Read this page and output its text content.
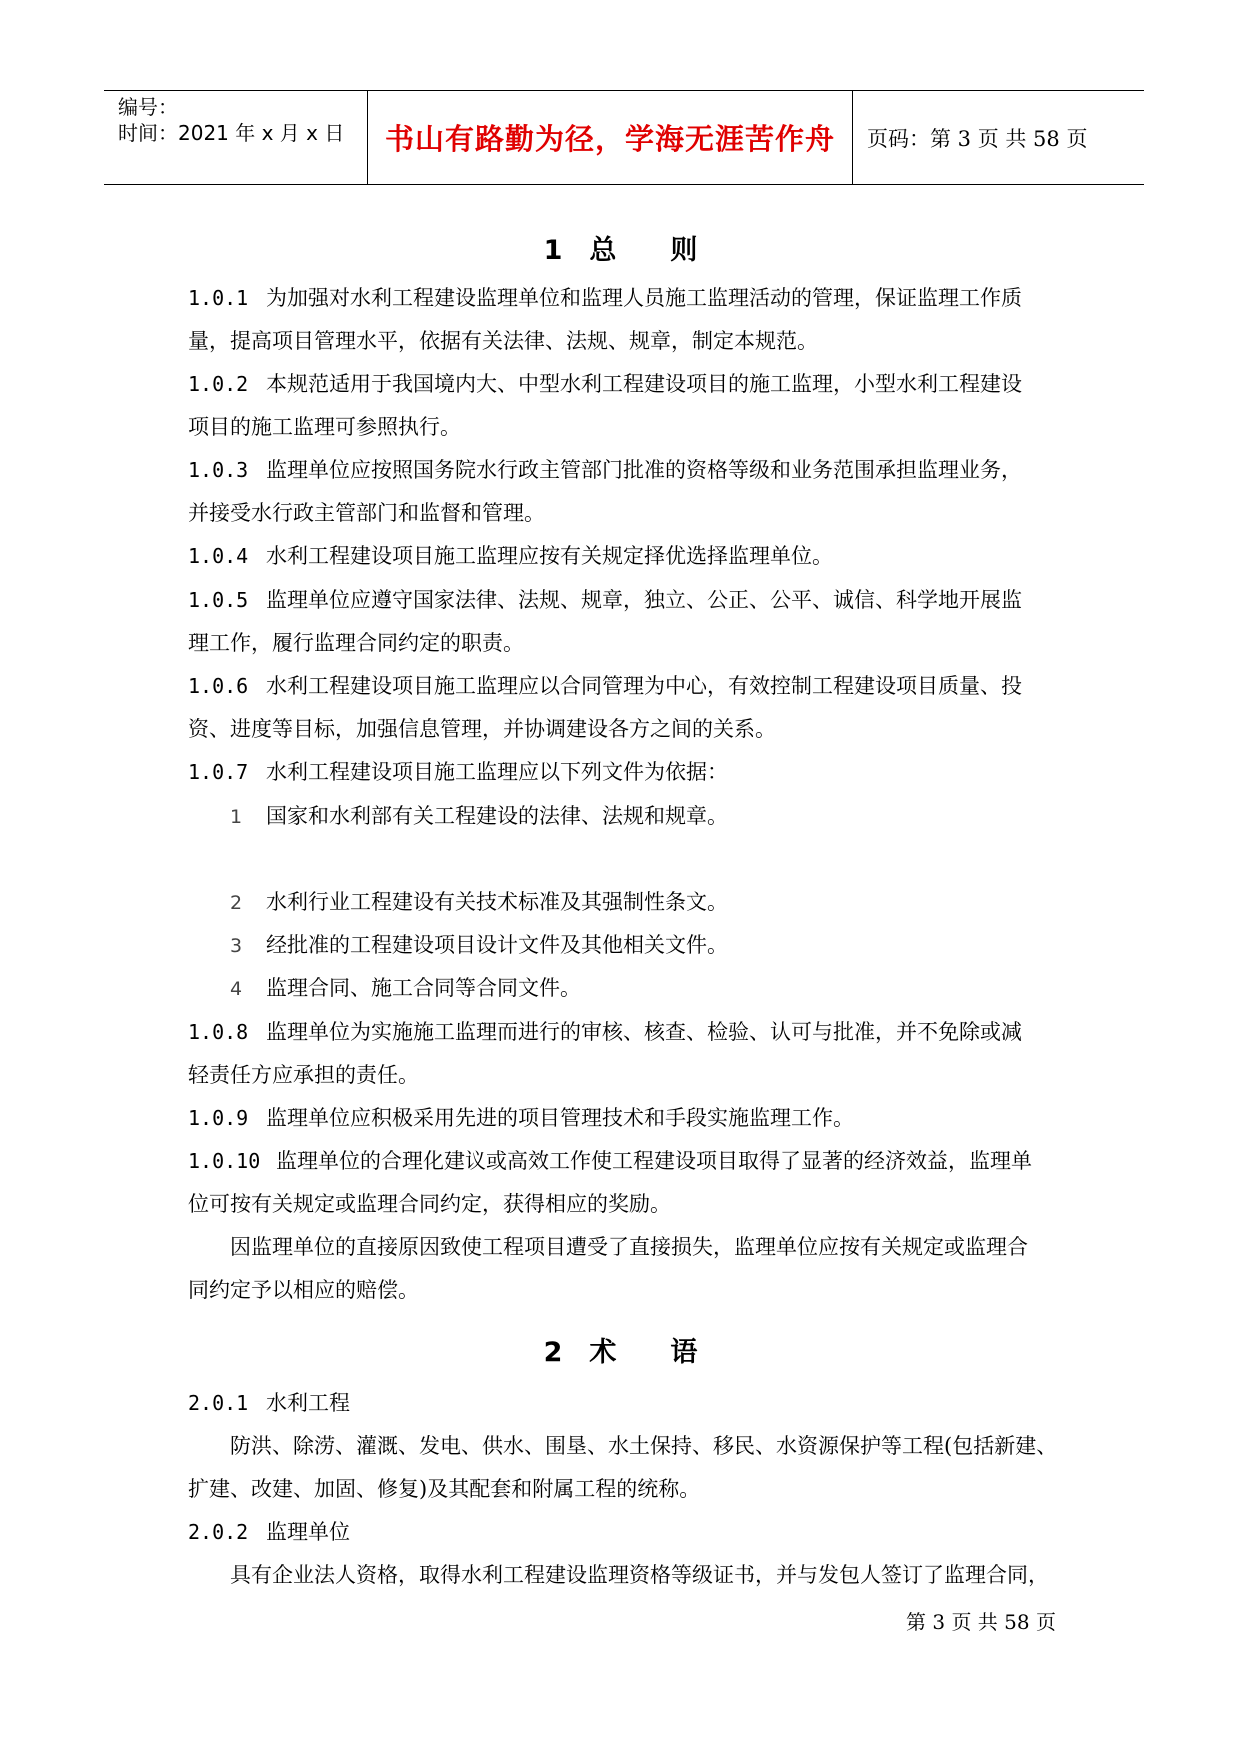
编号：
时间：2021 年 x 月 x 日 书山有路勤为径，学海无涯苦作舟	页码：第 3 页 共 58 页
1　总　　则
1.0.1 为加强对水利工程建设监理单位和监理人员施工监理活动的管理，保证监理工作质
量，提高项目管理水平，依据有关法律、法规、规章，制定本规范。
1.0.2 本规范适用于我国境内大、中型水利工程建设项目的施工监理，小型水利工程建设
项目的施工监理可参照执行。
1.0.3 监理单位应按照国务院水行政主管部门批准的资格等级和业务范围承担监理业务，
并接受水行政主管部门和监督和管理。
1.0.4 水利工程建设项目施工监理应按有关规定择优选择监理单位。
1.0.5 监理单位应遵守国家法律、法规、规章，独立、公正、公平、诚信、科学地开展监
理工作，履行监理合同约定的职责。
1.0.6 水利工程建设项目施工监理应以合同管理为中心，有效控制工程建设项目质量、投
资、进度等目标，加强信息管理，并协调建设各方之间的关系。
1.0.7 水利工程建设项目施工监理应以下列文件为依据：
1 国家和水利部有关工程建设的法律、法规和规章。
2 水利行业工程建设有关技术标准及其强制性条文。
3 经批准的工程建设项目设计文件及其他相关文件。
4 监理合同、施工合同等合同文件。
1.0.8 监理单位为实施施工监理而进行的审核、核查、检验、认可与批准，并不免除或减
轻责任方应承担的责任。
1.0.9 监理单位应积极采用先进的项目管理技术和手段实施监理工作。
1.0.10 监理单位的合理化建议或高效工作使工程建设项目取得了显著的经济效益，监理单
位可按有关规定或监理合同约定，获得相应的奖励。
因监理单位的直接原因致使工程项目遭受了直接损失，监理单位应按有关规定或监理合
同约定予以相应的赔偿。
2　术　　语
2.0.1 水利工程
防洪、除涝、灌溉、发电、供水、围垦、水土保持、移民、水资源保护等工程(包括新建、
扩建、改建、加固、修复)及其配套和附属工程的统称。
2.0.2 监理单位
具有企业法人资格，取得水利工程建设监理资格等级证书，并与发包人签订了监理合同，
第 3 页 共 58 页
